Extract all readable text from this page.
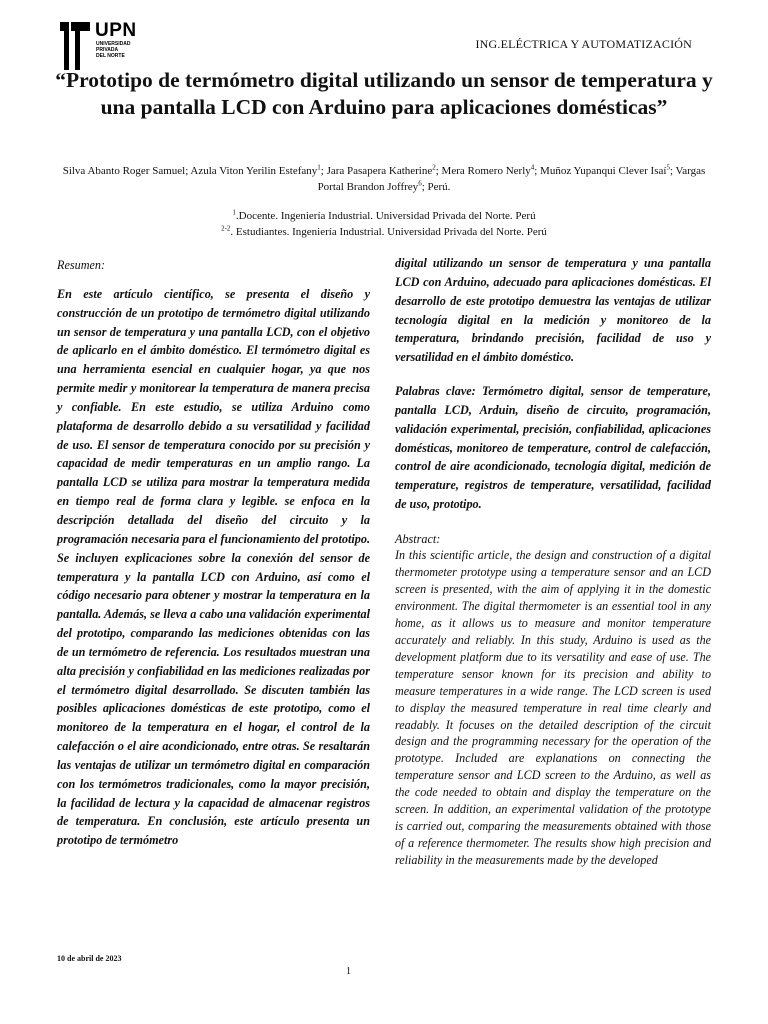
UPN
UNIVERSIDAD
PRIVADA
DEL NORTE
ING.ELÉCTRICA Y AUTOMATIZACIÓN
“Prototipo de termómetro digital utilizando un sensor de temperatura y una pantalla LCD con Arduino para aplicaciones domésticas”
Silva Abanto Roger Samuel; Azula Viton Yerilin Estefany$^1$; Jara Pasapera Katherine$^2$; Mera Romero Nerly$^4$; Muñoz Yupanqui Clever Isaí$^5$; Vargas Portal Brandon Joffrey$^6$; Perú.
$^1$.Docente. Ingeniería Industrial. Universidad Privada del Norte. Perú
$^{2-2}$. Estudiantes. Ingeniería Industrial. Universidad Privada del Norte. Perú

Resumen:

En este artículo científico, se presenta el diseño y construcción de un prototipo de termómetro digital utilizando un sensor de temperatura y una pantalla LCD, con el objetivo de aplicarlo en el ámbito doméstico. El termómetro digital es una herramienta esencial en cualquier hogar, ya que nos permite medir y monitorear la temperatura de manera precisa y confiable. En este estudio, se utiliza Arduino como plataforma de desarrollo debido a su versatilidad y facilidad de uso. El sensor de temperatura conocido por su precisión y capacidad de medir temperaturas en un amplio rango. La pantalla LCD se utiliza para mostrar la temperatura medida en tiempo real de forma clara y legible. se enfoca en la descripción detallada del diseño del circuito y la programación necesaria para el funcionamiento del prototipo. Se incluyen explicaciones sobre la conexión del sensor de temperatura y la pantalla LCD con Arduino, así como el código necesario para obtener y mostrar la temperatura en la pantalla. Además, se lleva a cabo una validación experimental del prototipo, comparando las mediciones obtenidas con las de un termómetro de referencia. Los resultados muestran una alta precisión y confiabilidad en las mediciones realizadas por el termómetro digital desarrollado. Se discuten también las posibles aplicaciones domésticas de este prototipo, como el monitoreo de la temperatura en el hogar, el control de la calefacción o el aire acondicionado, entre otras. Se resaltarán las ventajas de utilizar un termómetro digital en comparación con los termómetros tradicionales, como la mayor precisión, la facilidad de lectura y la capacidad de almacenar registros de temperatura. En conclusión, este artículo presenta un prototipo de termómetro

digital utilizando un sensor de temperatura y una pantalla LCD con Arduino, adecuado para aplicaciones domésticas. El desarrollo de este prototipo demuestra las ventajas de utilizar tecnología digital en la medición y monitoreo de la temperatura, brindando precisión, facilidad de uso y versatilidad en el ámbito doméstico.

Palabras clave: Termómetro digital, sensor de temperature, pantalla LCD, Arduin, diseño de circuito, programación, validación experimental, precisión, confiabilidad, aplicaciones domésticas, monitoreo de temperature, control de calefacción, control de aire acondicionado, tecnología digital, medición de temperature, registros de temperature, versatilidad, facilidad de uso, prototipo.

Abstract:

In this scientific article, the design and construction of a digital thermometer prototype using a temperature sensor and an LCD screen is presented, with the aim of applying it in the domestic environment. The digital thermometer is an essential tool in any home, as it allows us to measure and monitor temperature accurately and reliably. In this study, Arduino is used as the development platform due to its versatility and ease of use. The temperature sensor known for its precision and ability to measure temperatures in a wide range. The LCD screen is used to display the measured temperature in real time clearly and readably. It focuses on the detailed description of the circuit design and the programming necessary for the operation of the prototype. Included are explanations on connecting the temperature sensor and LCD screen to the Arduino, as well as the code needed to obtain and display the temperature on the screen. In addition, an experimental validation of the prototype is carried out, comparing the measurements obtained with those of a reference thermometer. The results show high precision and reliability in the measurements made by the developed

10 de abril de 2023
1
